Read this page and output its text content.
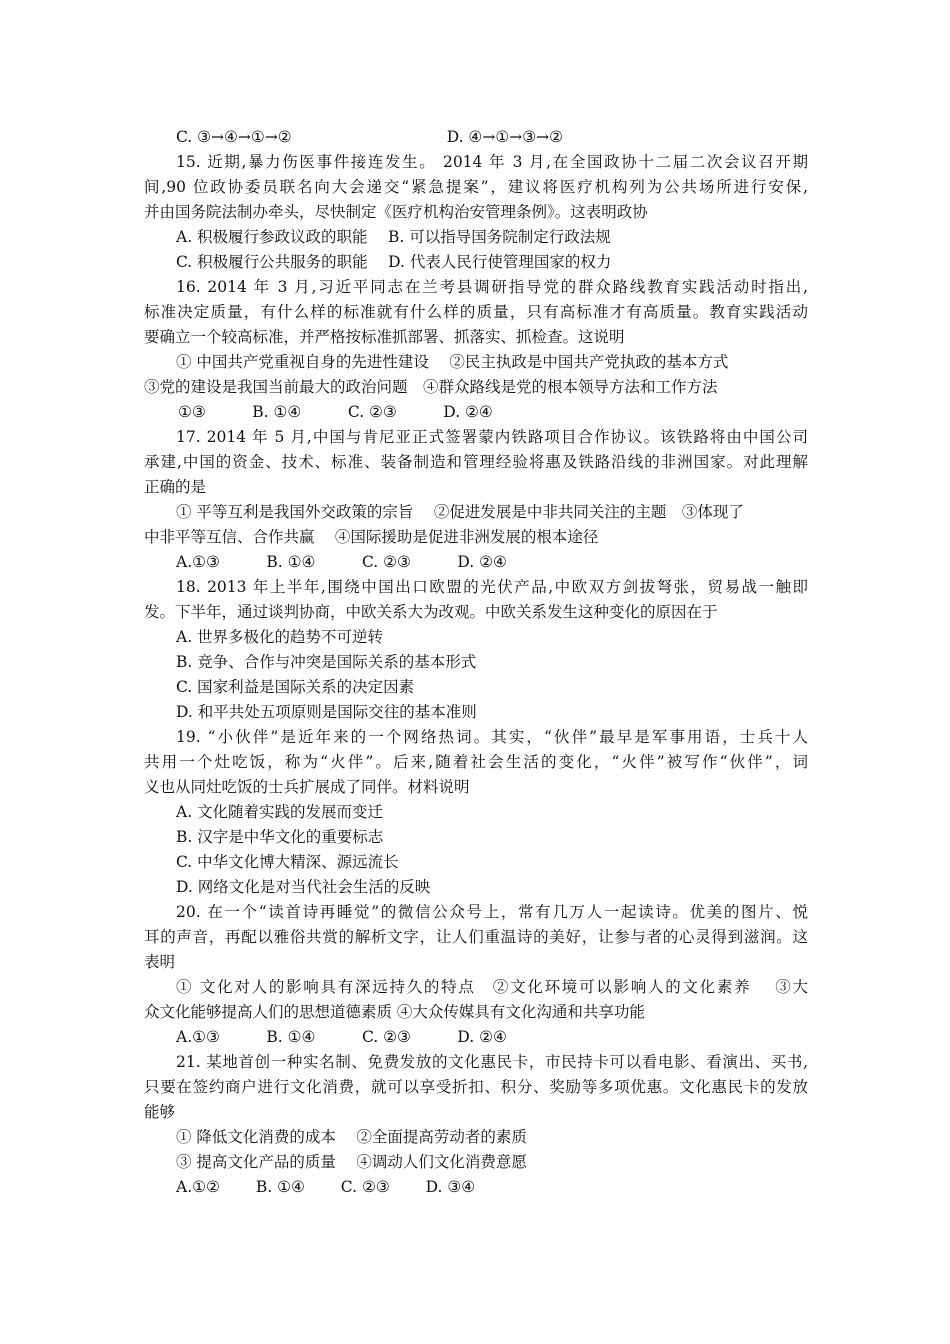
C. ③→④→①→②　　　　　　　　　　D. ④→①→③→②
15. 近期,暴力伤医事件接连发生。 2014 年 3 月,在全国政协十二届二次会议召开期
间,90 位政协委员联名向大会递交“紧急提案”，建议将医疗机构列为公共场所进行安保,
并由国务院法制办牵头，尽快制定《医疗机构治安管理条例》。这表明政协
A. 积极履行参政议政的职能　 B. 可以指导国务院制定行政法规
C. 积极履行公共服务的职能　 D. 代表人民行使管理国家的权力
16. 2014 年 3 月,习近平同志在兰考县调研指导党的群众路线教育实践活动时指出,
标准决定质量，有什么样的标准就有什么样的质量，只有高标准才有高质量。教育实践活动
要确立一个较高标准，并严格按标准抓部署、抓落实、抓检查。这说明
① 中国共产党重视自身的先进性建设　 ②民主执政是中国共产党执政的基本方式
③党的建设是我国当前最大的政治问题　④群众路线是党的根本领导方法和工作方法
①③　　　B. ①④　　　C. ②③　　　D. ②④
17. 2014 年 5 月,中国与肯尼亚正式签署蒙内铁路项目合作协议。该铁路将由中国公司
承建,中国的资金、技术、标准、装备制造和管理经验将惠及铁路沿线的非洲国家。对此理解
正确的是
① 平等互利是我国外交政策的宗旨　 ②促进发展是中非共同关注的主题　③体现了
中非平等互信、合作共赢　 ④国际援助是促进非洲发展的根本途径
A.①③　　　B. ①④　　　C. ②③　　　D. ②④
18. 2013 年上半年,围绕中国出口欧盟的光伏产品,中欧双方剑拔弩张，贸易战一触即
发。下半年，通过谈判协商，中欧关系大为改观。中欧关系发生这种变化的原因在于
A. 世界多极化的趋势不可逆转
B. 竞争、合作与冲突是国际关系的基本形式
C. 国家利益是国际关系的决定因素
D. 和平共处五项原则是国际交往的基本准则
19. “小伙伴”是近年来的一个网络热词。其实，“伙伴”最早是军事用语，士兵十人
共用一个灶吃饭，称为“火伴”。后来,随着社会生活的变化，“火伴”被写作“伙伴”，词
义也从同灶吃饭的士兵扩展成了同伴。材料说明
A. 文化随着实践的发展而变迁
B. 汉字是中华文化的重要标志
C. 中华文化博大精深、源远流长
D. 网络文化是对当代社会生活的反映
20. 在一个“读首诗再睡觉”的微信公众号上，常有几万人一起读诗。优美的图片、悦
耳的声音，再配以雅俗共赏的解析文字，让人们重温诗的美好，让参与者的心灵得到滋润。这
表明
① 文化对人的影响具有深远持久的特点　②文化环境可以影响人的文化素养　 ③大
众文化能够提高人们的思想道德素质 ④大众传媒具有文化沟通和共享功能
A.①③　　　B. ①④　　　C. ②③　　　D. ②④
21. 某地首创一种实名制、免费发放的文化惠民卡，市民持卡可以看电影、看演出、买书,
只要在签约商户进行文化消费，就可以享受折扣、积分、奖励等多项优惠。文化惠民卡的发放
能够
① 降低文化消费的成本　 ②全面提高劳动者的素质
③ 提高文化产品的质量　 ④调动人们文化消费意愿
A.①②　　 B. ①④　　 C. ②③　　 D. ③④
